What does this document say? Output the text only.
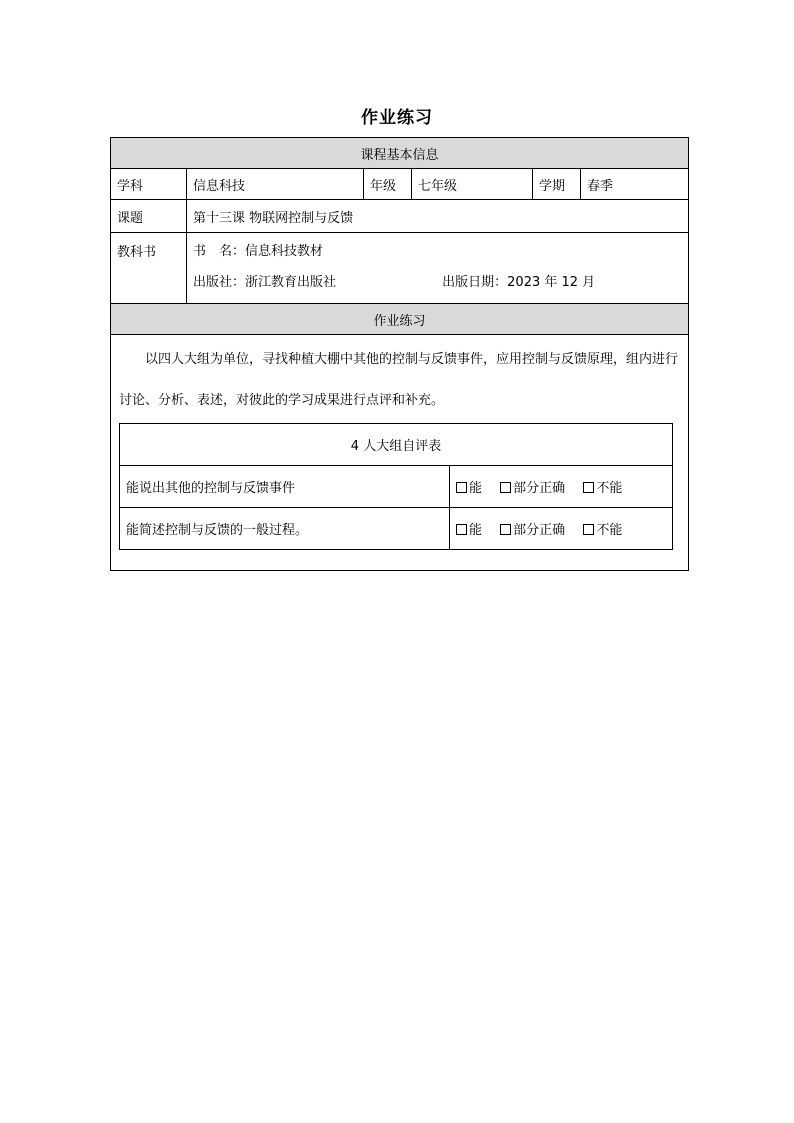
作业练习
课程基本信息
学科	信息科技	年级	七年级	学期	春季
课题	第十三课 物联网控制与反馈
教科书	书　名：信息科技教材
出版社：浙江教育出版社	出版日期：2023 年 12 月

作业练习

以四人大组为单位，寻找种植大棚中其他的控制与反馈事件，应用控制与反馈原理，组内进行讨论、分析、表述，对彼此的学习成果进行点评和补充。

4 人大组自评表
能说出其他的控制与反馈事件	能 部分正确 不能
能简述控制与反馈的一般过程。	能 部分正确 不能
